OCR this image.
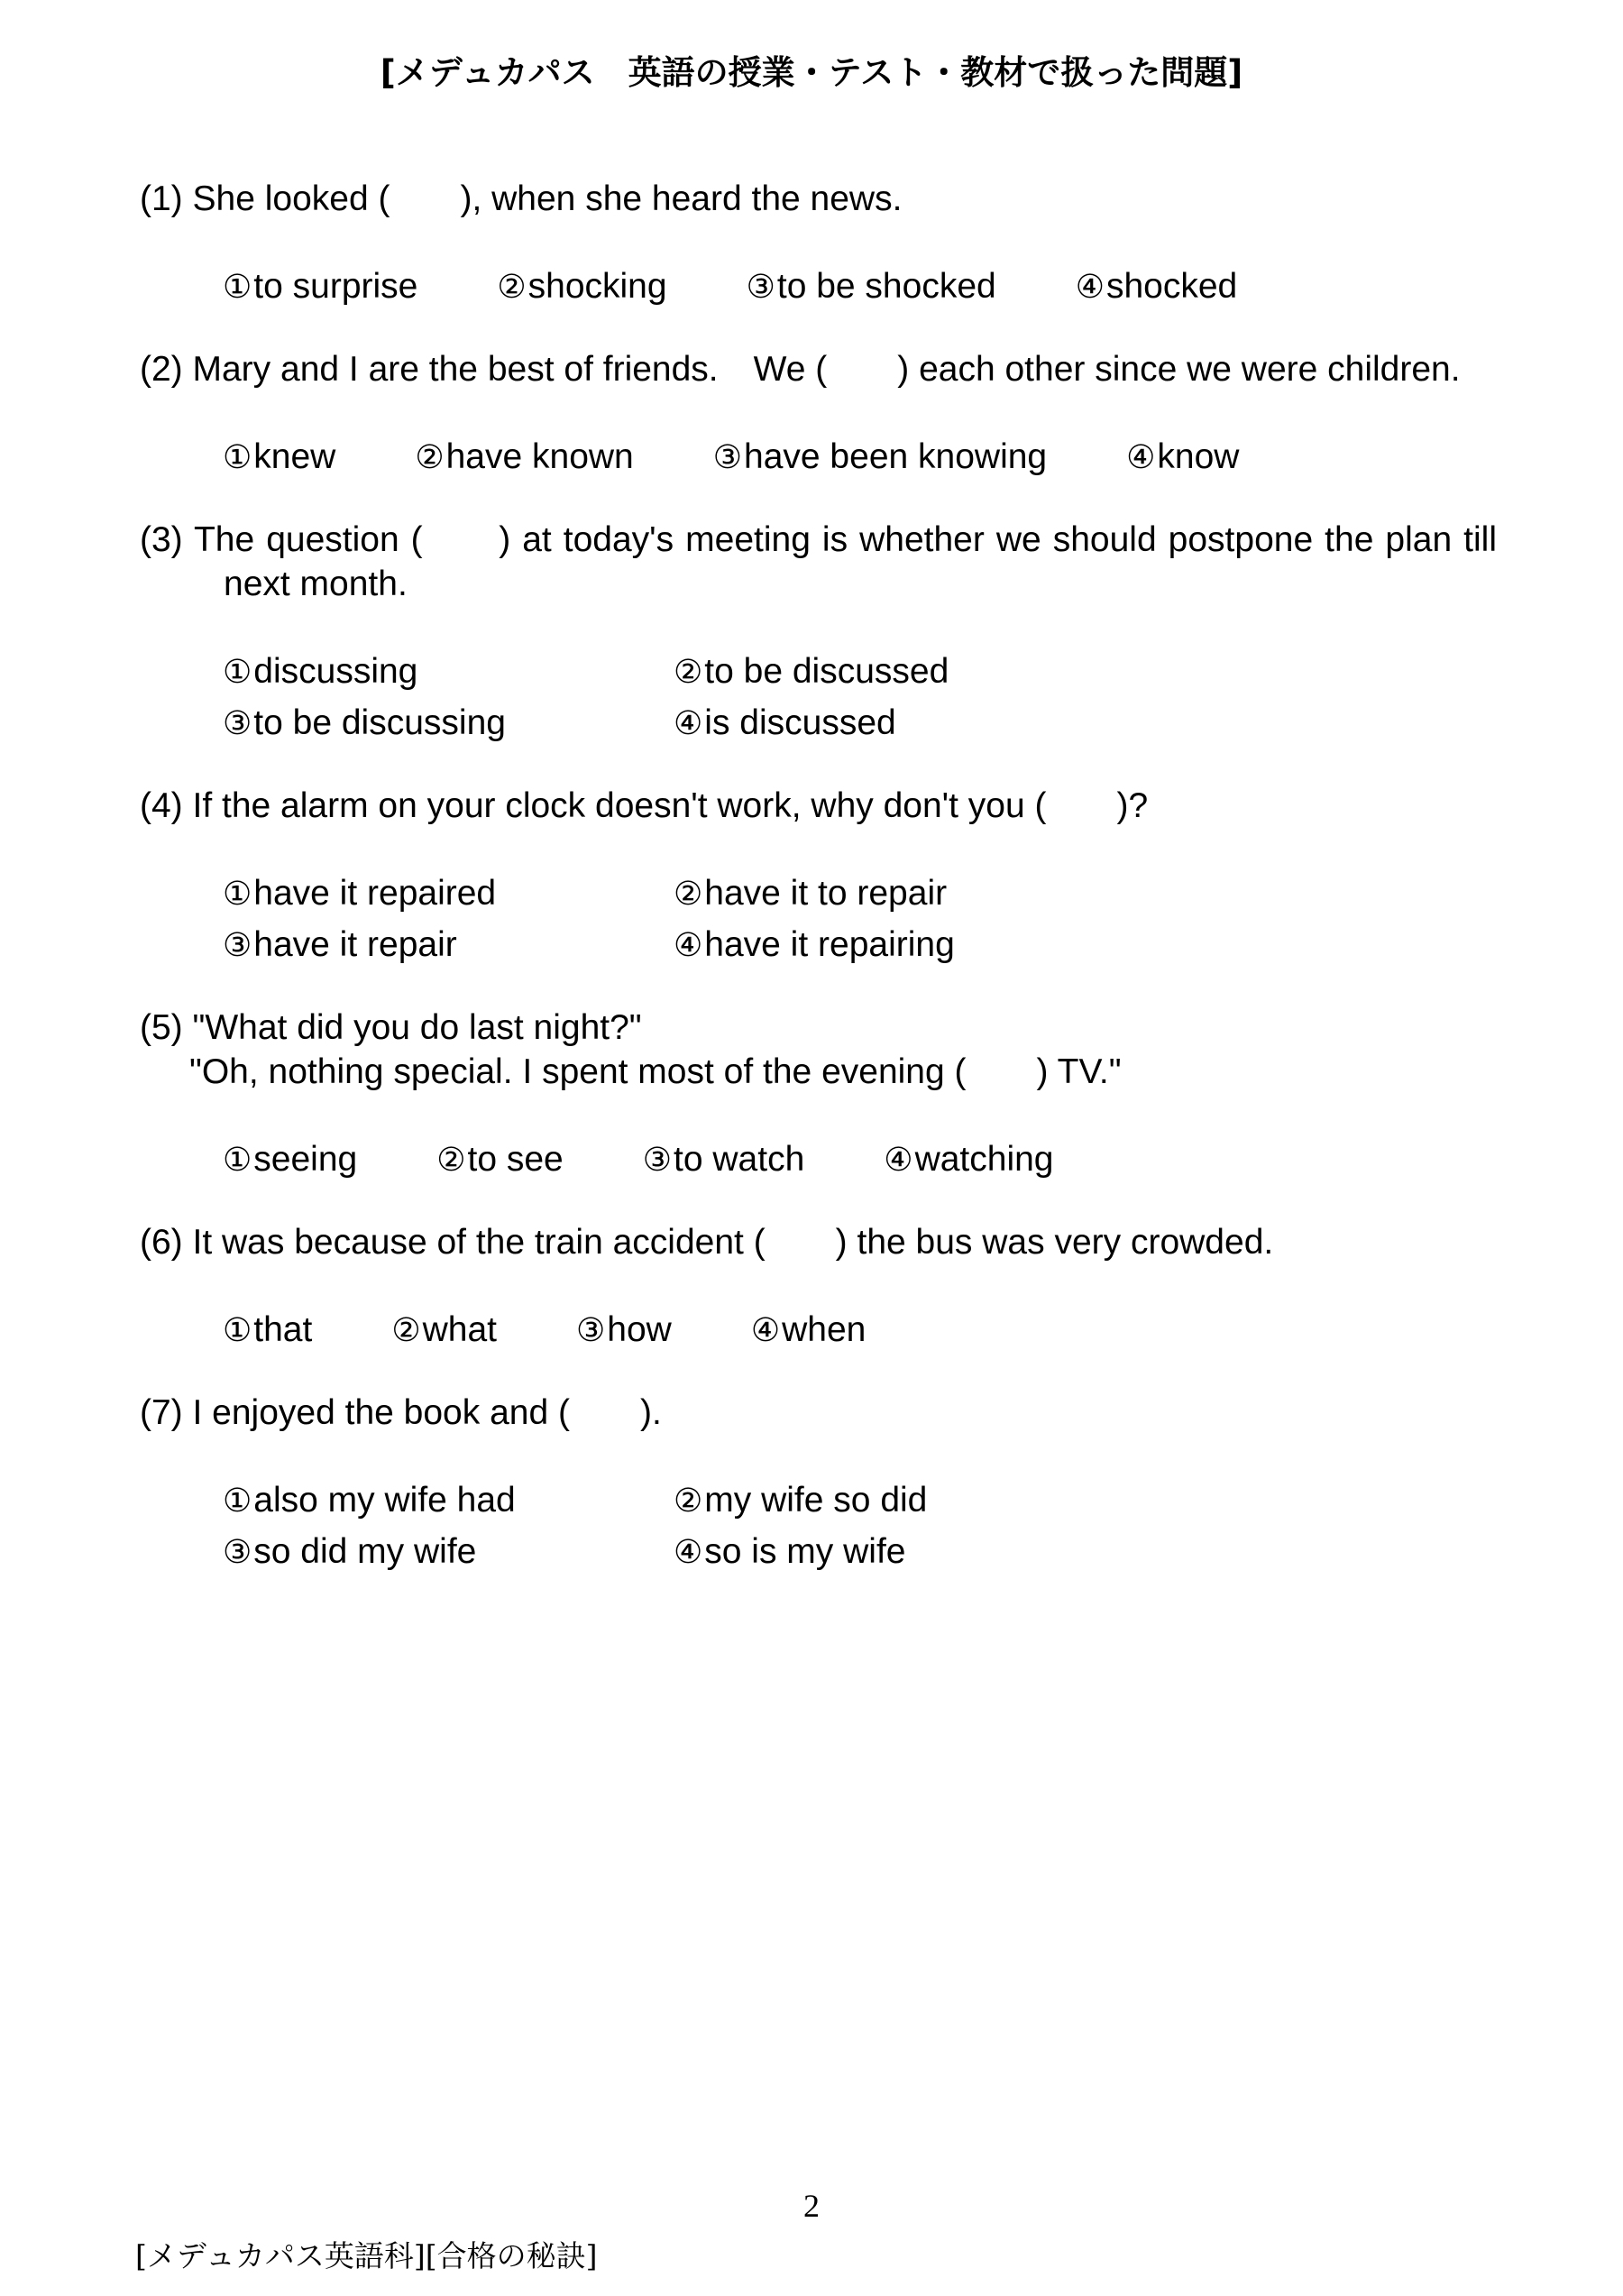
[メデュカパス　英語の授業・テスト・教材で扱った問題]
(1) She looked (　　), when she heard the news.
①to surprise ②shocking ③to be shocked ④shocked
(2) Mary and I are the best of friends.　We (　　) each other since we were children.
①knew ②have known ③have been knowing ④know
(3) The question (　　) at today's meeting is whether we should postpone the plan till next month.
①discussing	②to be discussed
③to be discussing	④is discussed
(4) If the alarm on your clock doesn't work, why don't you (　　)?
①have it repaired	②have it to repair
③have it repair	④have it repairing
(5) "What did you do last night?"
"Oh, nothing special. I spent most of the evening (　　) TV."
①seeing ②to see ③to watch ④watching
(6) It was because of the train accident (　　) the bus was very crowded.
①that ②what ③how ④when
(7) I enjoyed the book and (　　).
①also my wife had	②my wife so did
③so did my wife	④so is my wife
2
[メデュカパス英語科][合格の秘訣]
